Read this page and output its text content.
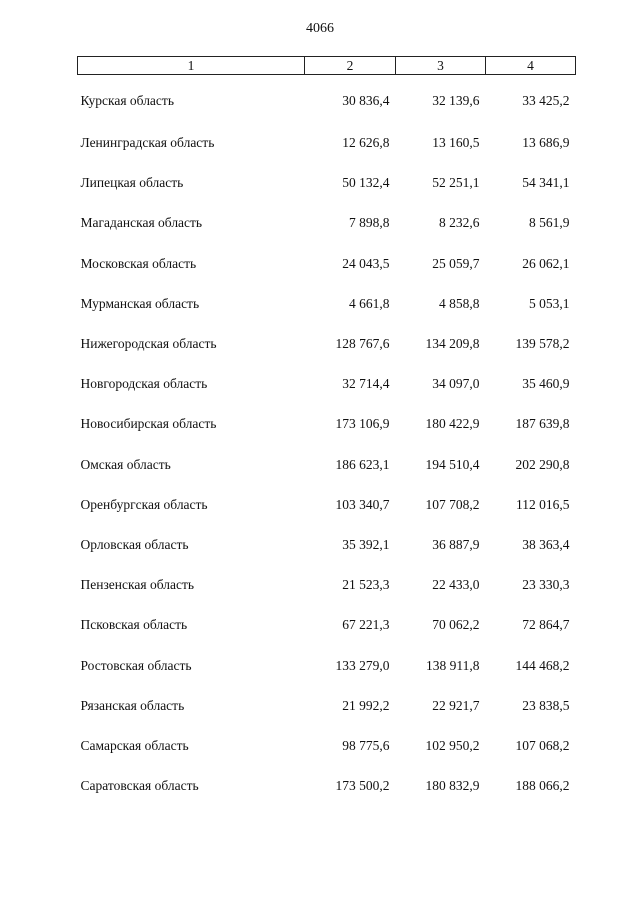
4066
1	2	3	4
Курская область	30 836,4	32 139,6	33 425,2
Ленинградская область	12 626,8	13 160,5	13 686,9
Липецкая область	50 132,4	52 251,1	54 341,1
Магаданская область	7 898,8	8 232,6	8 561,9
Московская область	24 043,5	25 059,7	26 062,1
Мурманская область	4 661,8	4 858,8	5 053,1
Нижегородская область	128 767,6	134 209,8	139 578,2
Новгородская область	32 714,4	34 097,0	35 460,9
Новосибирская область	173 106,9	180 422,9	187 639,8
Омская область	186 623,1	194 510,4	202 290,8
Оренбургская область	103 340,7	107 708,2	112 016,5
Орловская область	35 392,1	36 887,9	38 363,4
Пензенская область	21 523,3	22 433,0	23 330,3
Псковская область	67 221,3	70 062,2	72 864,7
Ростовская область	133 279,0	138 911,8	144 468,2
Рязанская область	21 992,2	22 921,7	23 838,5
Самарская область	98 775,6	102 950,2	107 068,2
Саратовская область	173 500,2	180 832,9	188 066,2
